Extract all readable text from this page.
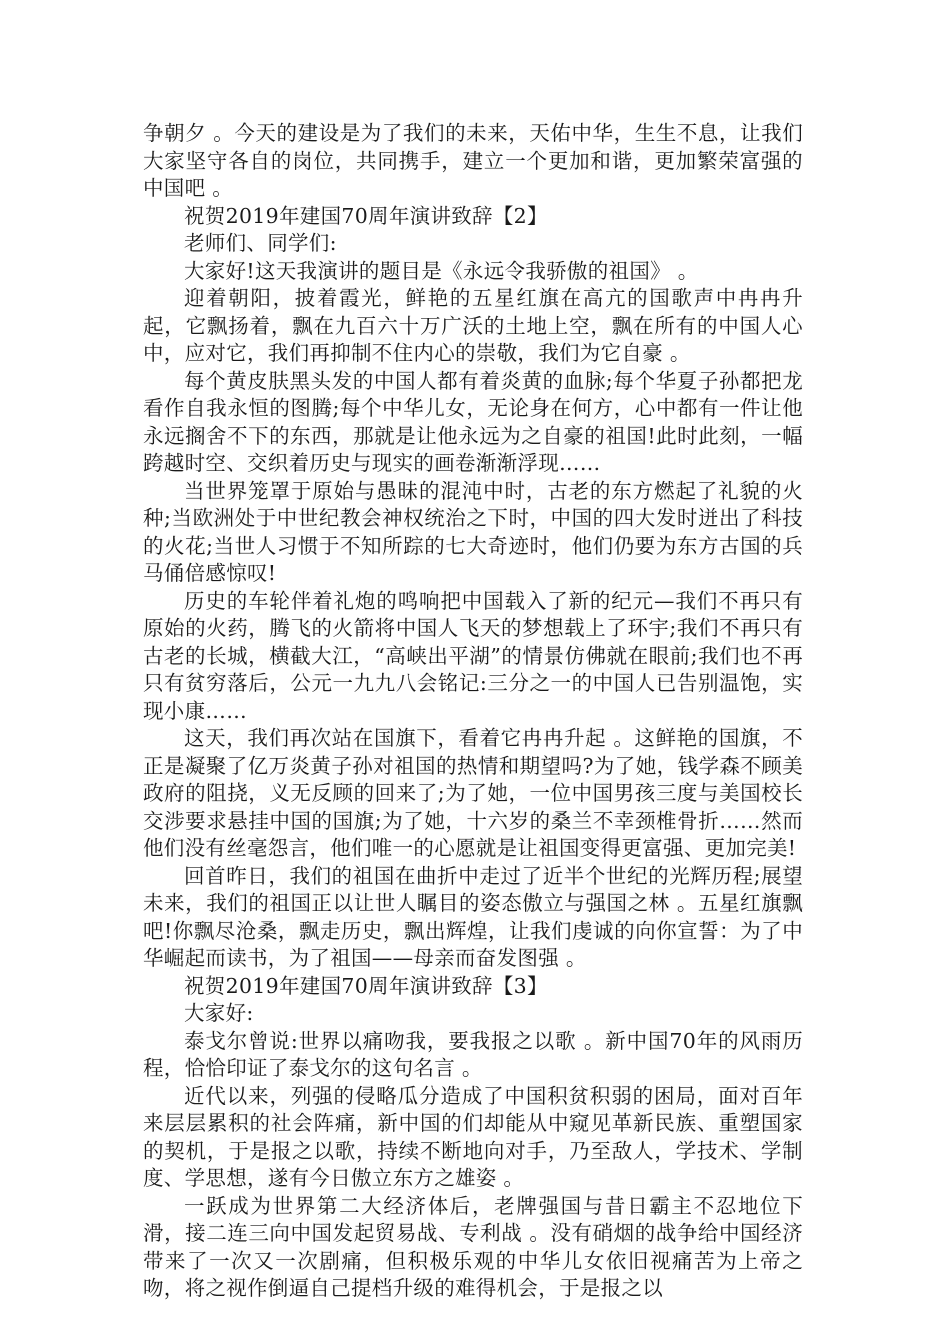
争朝夕 。今天的建设是为了我们的未来，天佑中华，生生不息，让我们大家坚守各自的岗位，共同携手，建立一个更加和谐，更加繁荣富强的中国吧 。

祝贺2019年建国70周年演讲致辞【2】

老师们、同学们:

大家好!这天我演讲的题目是《永远令我骄傲的祖国》 。

迎着朝阳，披着霞光，鲜艳的五星红旗在高亢的国歌声中冉冉升起，它飘扬着，飘在九百六十万广沃的土地上空，飘在所有的中国人心中，应对它，我们再抑制不住内心的崇敬，我们为它自豪 。

每个黄皮肤黑头发的中国人都有着炎黄的血脉;每个华夏子孙都把龙看作自我永恒的图腾;每个中华儿女，无论身在何方，心中都有一件让他永远搁舍不下的东西，那就是让他永远为之自豪的祖国!此时此刻，一幅跨越时空、交织着历史与现实的画卷渐渐浮现……

当世界笼罩于原始与愚昧的混沌中时，古老的东方燃起了礼貌的火种;当欧洲处于中世纪教会神权统治之下时，中国的四大发时迸出了科技的火花;当世人习惯于不知所踪的七大奇迹时，他们仍要为东方古国的兵马俑倍感惊叹!

历史的车轮伴着礼炮的鸣响把中国载入了新的纪元—我们不再只有原始的火药，腾飞的火箭将中国人飞天的梦想载上了环宇;我们不再只有古老的长城，横截大江，“高峡出平湖”的情景仿佛就在眼前;我们也不再只有贫穷落后，公元一九九八会铭记:三分之一的中国人已告别温饱，实现小康……

这天，我们再次站在国旗下，看着它冉冉升起 。这鲜艳的国旗，不正是凝聚了亿万炎黄子孙对祖国的热情和期望吗?为了她，钱学森不顾美政府的阻挠，义无反顾的回来了;为了她，一位中国男孩三度与美国校长交涉要求悬挂中国的国旗;为了她，十六岁的桑兰不幸颈椎骨折……然而他们没有丝毫怨言，他们唯一的心愿就是让祖国变得更富强、更加完美!

回首昨日，我们的祖国在曲折中走过了近半个世纪的光辉历程;展望未来，我们的祖国正以让世人瞩目的姿态傲立与强国之林 。五星红旗飘吧!你飘尽沧桑，飘走历史，飘出辉煌，让我们虔诚的向你宣誓：为了中华崛起而读书，为了祖国——母亲而奋发图强 。

祝贺2019年建国70周年演讲致辞【3】

大家好:

泰戈尔曾说:世界以痛吻我，要我报之以歌 。新中国70年的风雨历程，恰恰印证了泰戈尔的这句名言 。

近代以来，列强的侵略瓜分造成了中国积贫积弱的困局，面对百年来层层累积的社会阵痛，新中国的们却能从中窥见革新民族、重塑国家的契机，于是报之以歌，持续不断地向对手，乃至敌人，学技术、学制度、学思想，遂有今日傲立东方之雄姿 。

一跃成为世界第二大经济体后，老牌强国与昔日霸主不忍地位下滑，接二连三向中国发起贸易战、专利战 。没有硝烟的战争给中国经济带来了一次又一次剧痛，但积极乐观的中华儿女依旧视痛苦为上帝之吻，将之视作倒逼自己提档升级的难得机会，于是报之以
